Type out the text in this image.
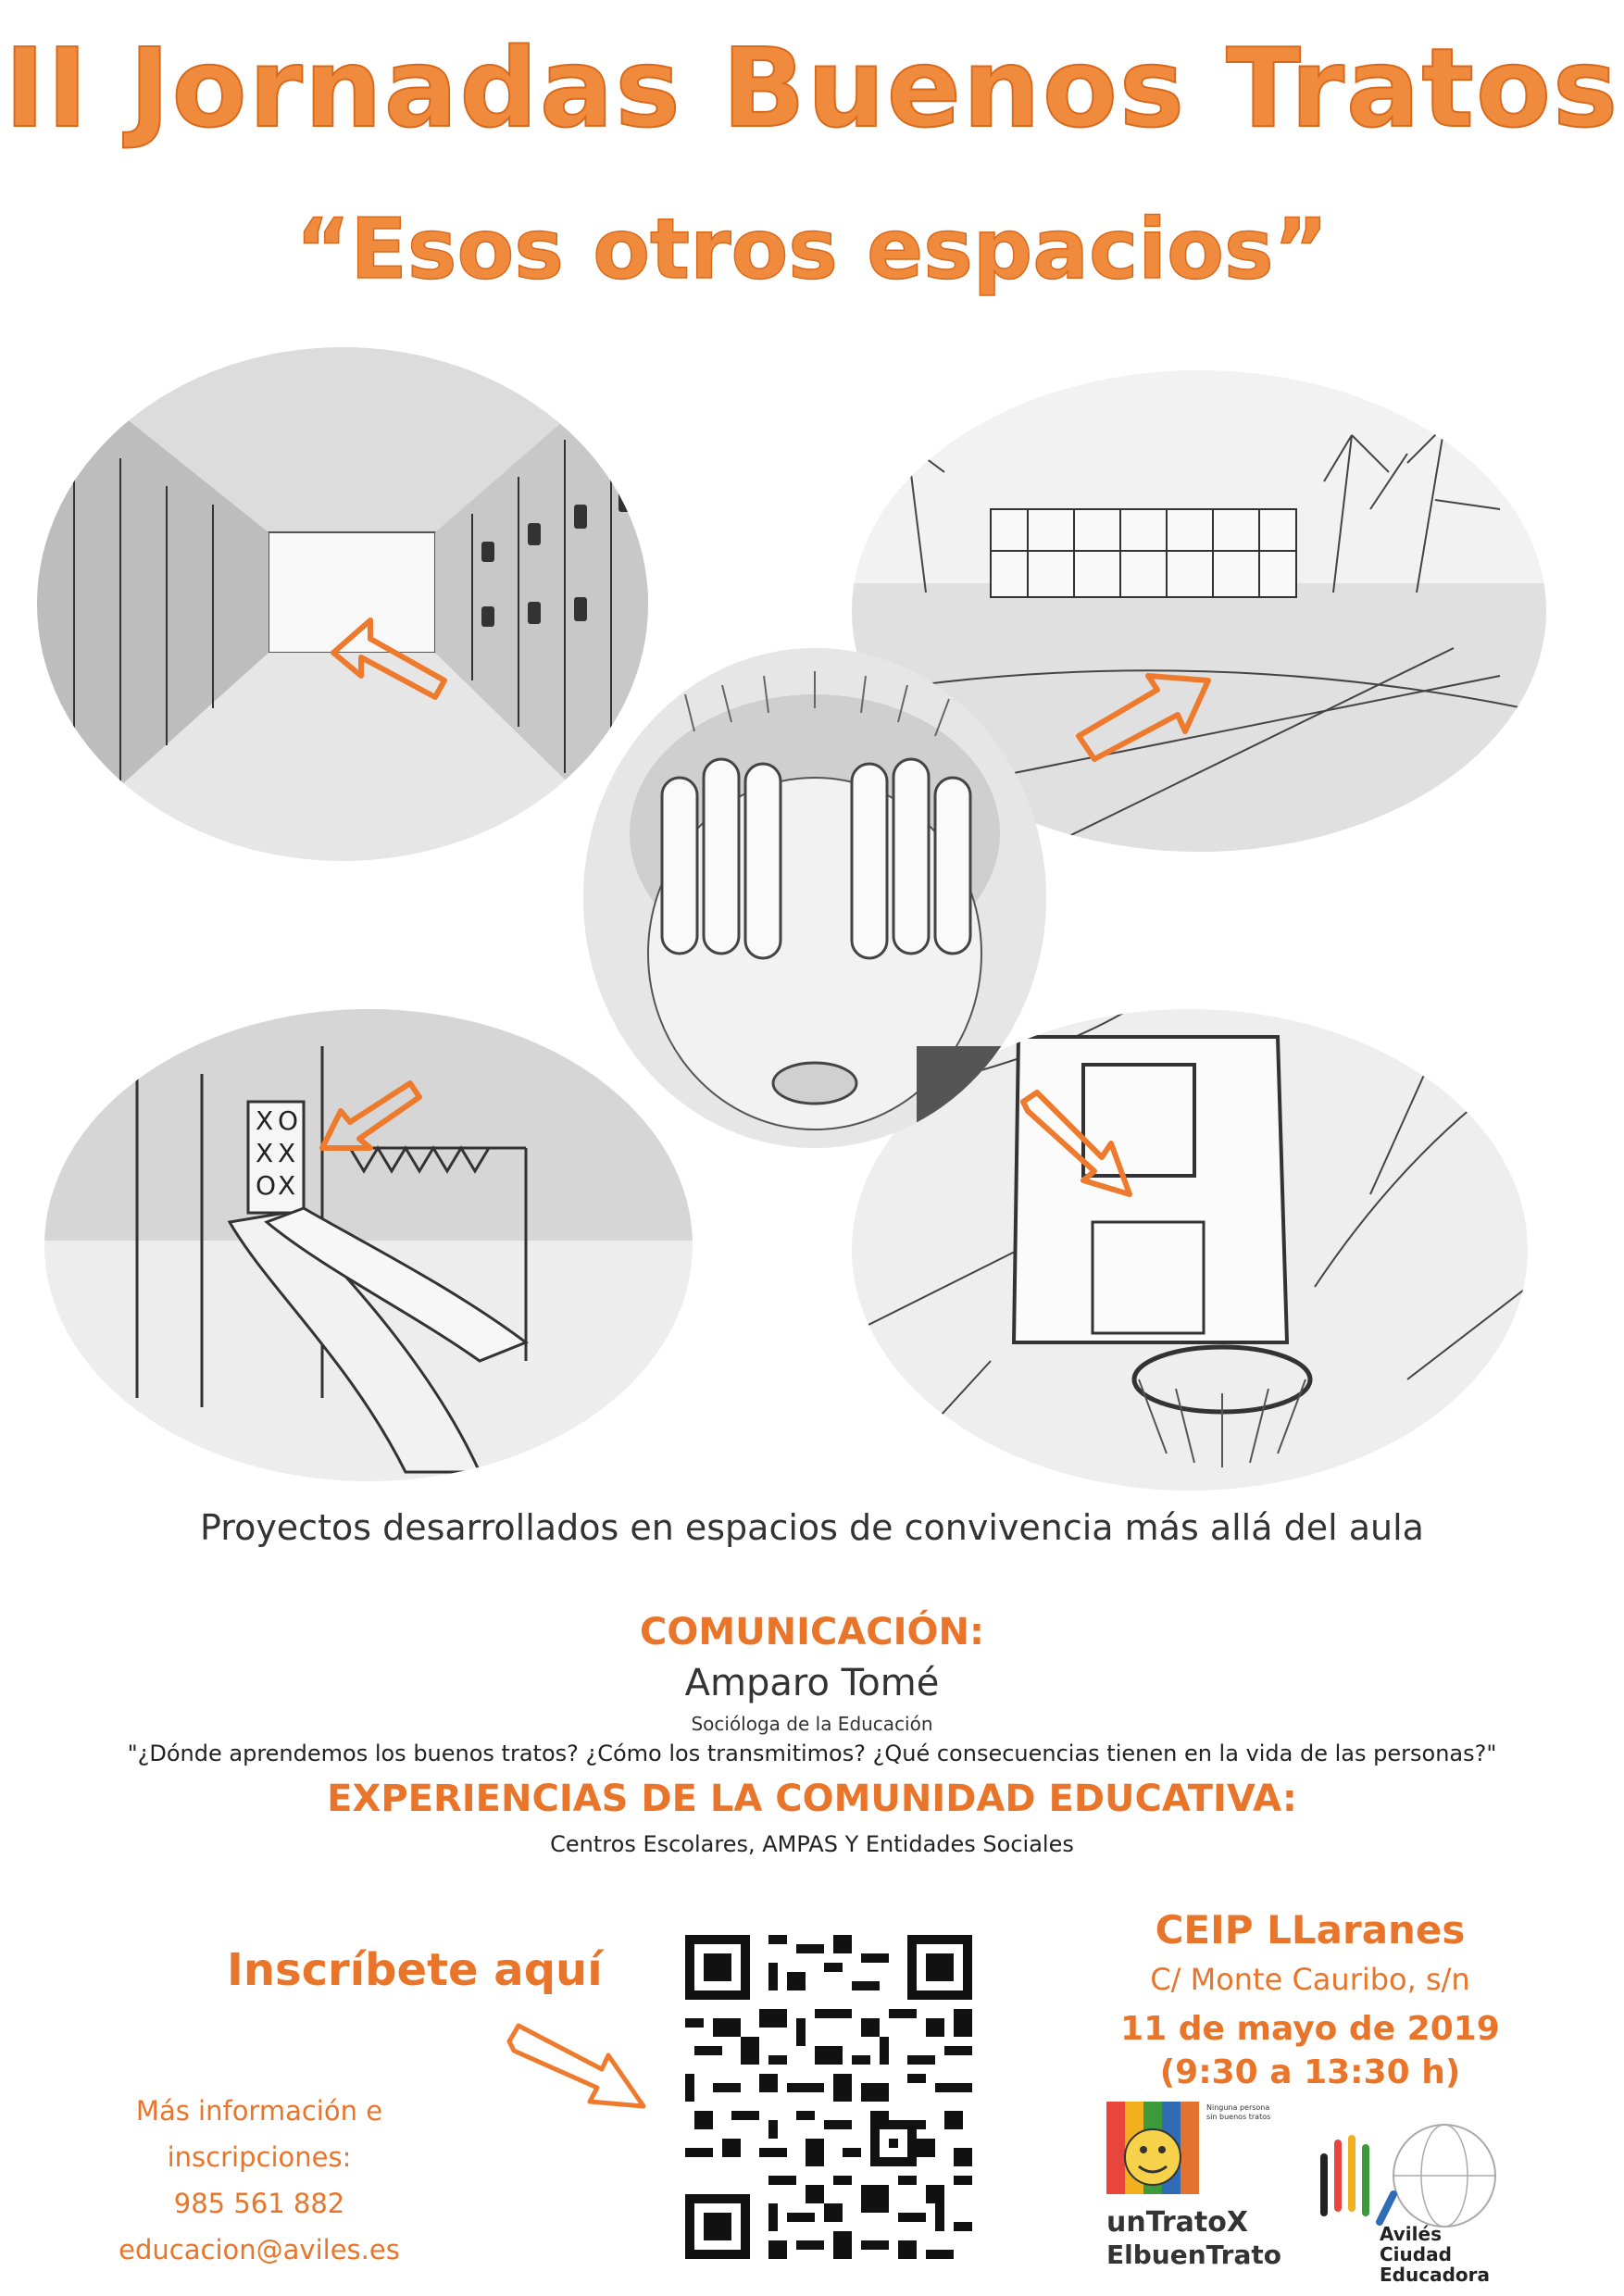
II Jornadas Buenos Tratos
“Esos otros espacios”
X O
X X
O X
Proyectos desarrollados en espacios de convivencia más allá del aula
COMUNICACIÓN:
Amparo Tomé
Socióloga de la Educación
"¿Dónde aprendemos los buenos tratos? ¿Cómo los transmitimos? ¿Qué consecuencias tienen en la vida de las personas?"
EXPERIENCIAS DE LA COMUNIDAD EDUCATIVA:
Centros Escolares, AMPAS Y Entidades Sociales
Inscríbete aquí
Más información e
inscripciones:
985 561 882
educacion@aviles.es
CEIP LLaranes
C/ Monte Cauribo, s/n
11 de mayo de 2019
(9:30 a 13:30 h)
unTratoX
ElbuenTrato
Ninguna persona sin buenos tratos
Avilés
Ciudad Educadora
